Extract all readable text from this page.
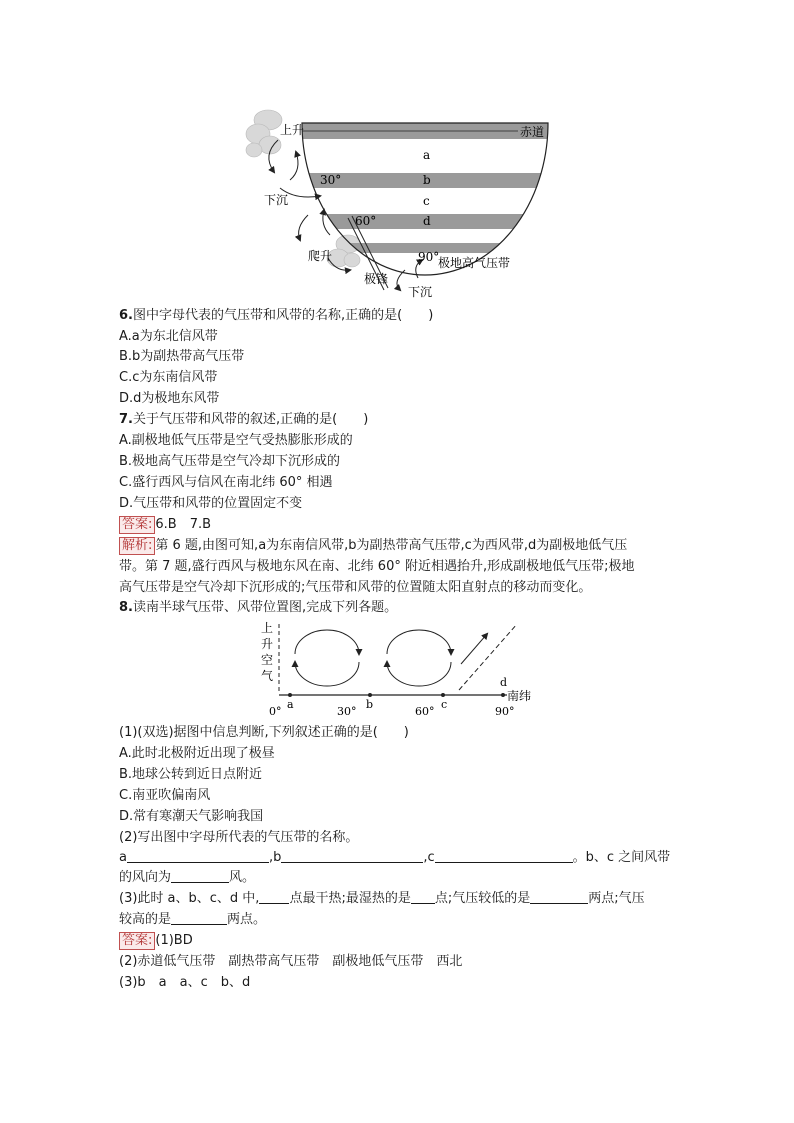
上升	赤道
a
30°	b
下沉	c
60°	d
爬升	90°
极地高气压带
极锋
下沉
6.图中字母代表的气压带和风带的名称,正确的是(　　)
A.a为东北信风带
B.b为副热带高气压带
C.c为东南信风带
D.d为极地东风带
7.关于气压带和风带的叙述,正确的是(　　)
A.副极地低气压带是空气受热膨胀形成的
B.极地高气压带是空气冷却下沉形成的
C.盛行西风与信风在南北纬 60° 相遇
D.气压带和风带的位置固定不变
答案: 6.B　7.B
解析: 第 6 题,由图可知,a为东南信风带,b为副热带高气压带,c为西风带,d为副极地低气压
带。第 7 题,盛行西风与极地东风在南、北纬 60° 附近相遇抬升,形成副极地低气压带;极地
高气压带是空气冷却下沉形成的;气压带和风带的位置随太阳直射点的移动而变化。
8.读南半球气压带、风带位置图,完成下列各题。
上
升
空
气
a	b	c
d
0°	30°	60°	90°
南纬
(1)(双选)据图中信息判断,下列叙述正确的是(　　)
A.此时北极附近出现了极昼
B.地球公转到近日点附近
C.南亚吹偏南风
D.常有寒潮天气影响我国
(2)写出图中字母所代表的气压带的名称。
a	,b	,c	。b、c 之间风带
的风向为	风。
(3)此时 a、b、c、d 中, 点最干热;最湿热的是 点;气压较低的是	两点;气压
较高的是	两点。
答案: (1)BD
(2)赤道低气压带　副热带高气压带　副极地低气压带　西北
(3)b　a　a、c　b、d
